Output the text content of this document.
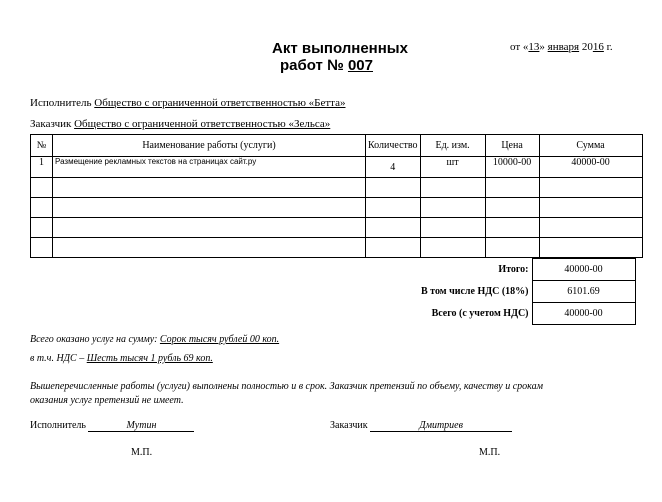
Акт выполненных
работ № 007
от «13» января 2016 г.
Исполнитель Общество с ограниченной ответственностью «Бетта»
Заказчик Общество с ограниченной ответственностью «Зельса»
№	Наименование работы (услуги)	Количество	Ед. изм.	Цена	Сумма
1	Размещение рекламных текстов на страницах сайт.ру	4	шт	10000-00	40000-00

Итого:	40000-00
В том числе НДС (18%)	6101.69
Всего (с учетом НДС)	40000-00
Всего оказано услуг на сумму: Сорок тысяч рублей 00 коп.
в т.ч. НДС – Шесть тысяч 1 рубль 69 коп.
Вышеперечисленные работы (услуги) выполнены полностью и в срок. Заказчик претензий по объему, качеству и срокам
оказания услуг претензий не имеет.
Исполнитель	Мутин	Заказчик	Дмитриев
М.П.	М.П.
